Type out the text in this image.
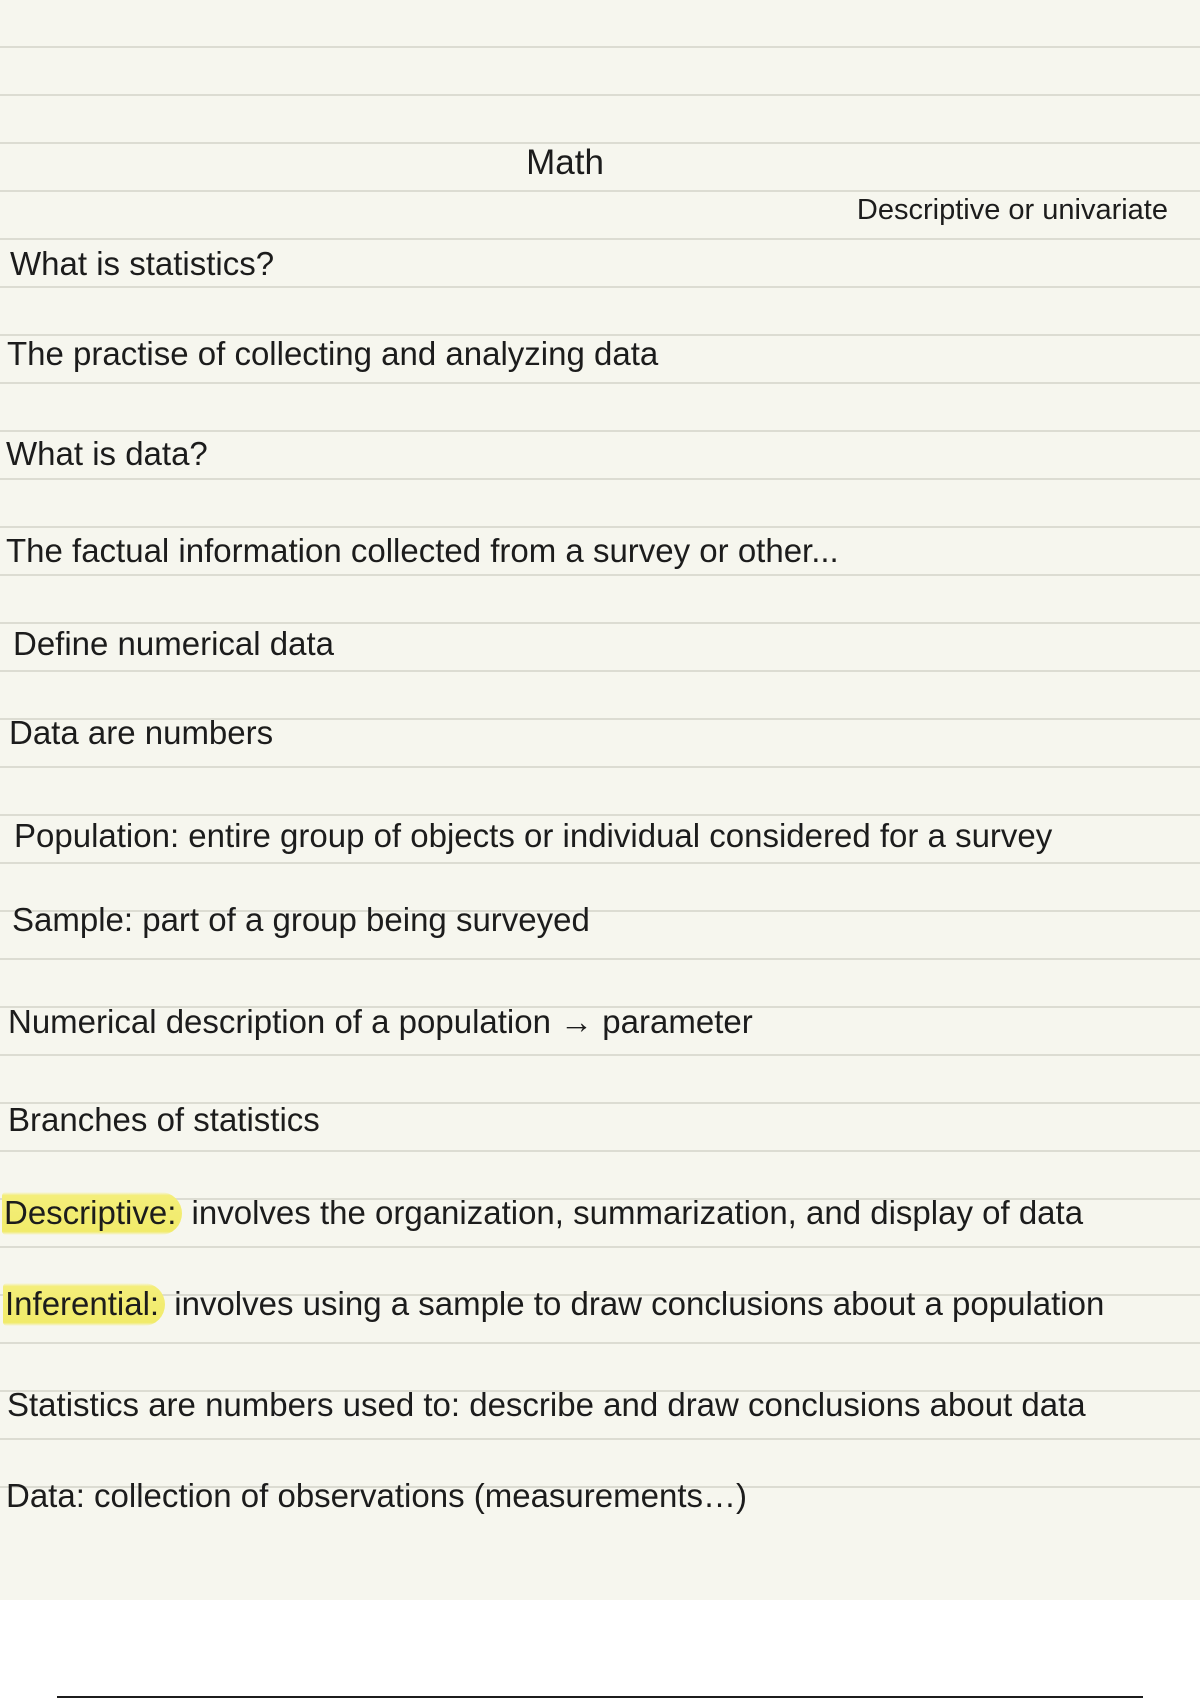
Math
Descriptive or univariate
What is statistics?
The practise of collecting and analyzing data
What is data?
The factual information collected from a survey or other...
Define numerical data
Data are numbers
Population: entire group of objects or individual considered for a survey
Sample: part of a group being surveyed
Numerical description of a population → parameter
Branches of statistics
Descriptive: involves the organization, summarization, and display of data
Inferential: involves using a sample to draw conclusions about a population
Statistics are numbers used to: describe and draw conclusions about data
Data: collection of observations (measurements…)
